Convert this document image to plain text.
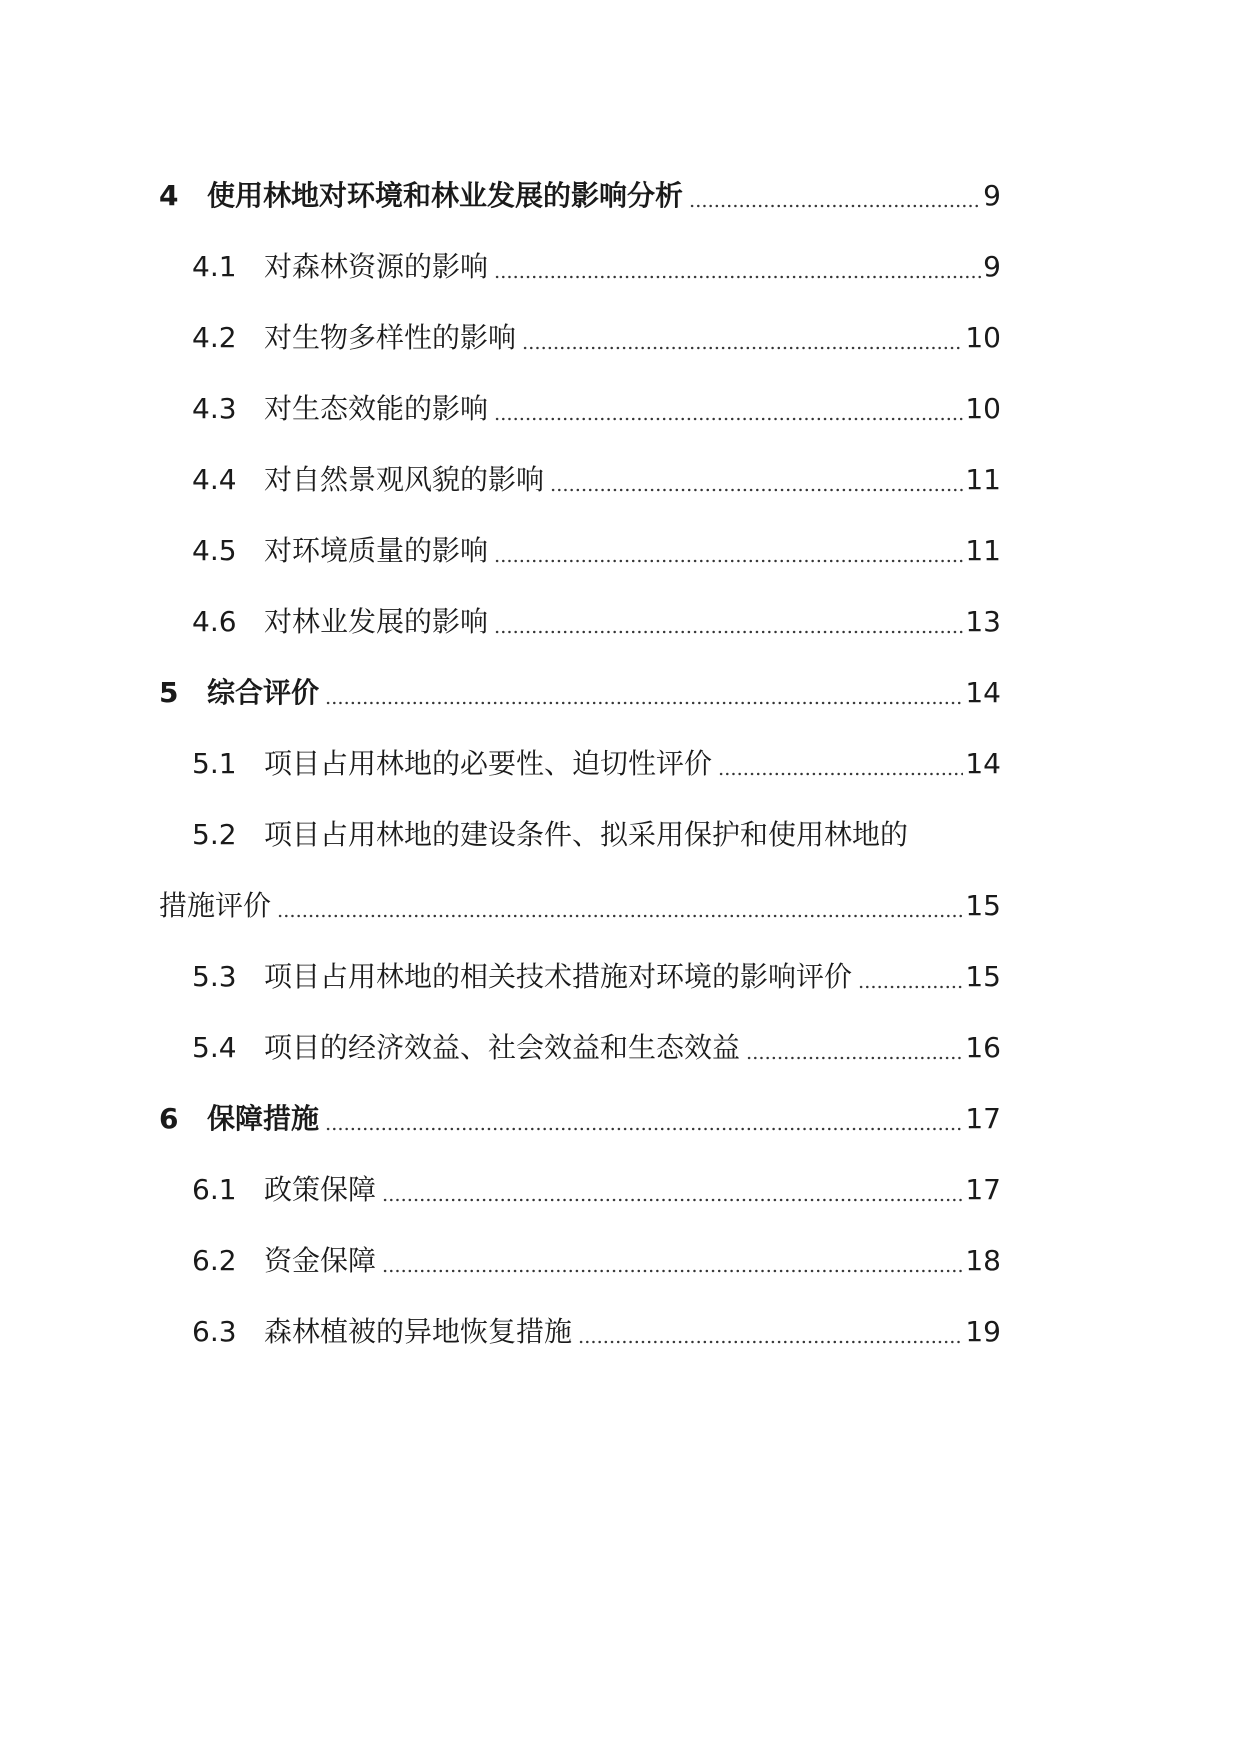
4	使用林地对环境和林业发展的影响分析	9
4.1 对森林资源的影响	9
4.2 对生物多样性的影响	10
4.3 对生态效能的影响	10
4.4 对自然景观风貌的影响	11
4.5 对环境质量的影响	11
4.6 对林业发展的影响	13
5	综合评价	14
5.1 项目占用林地的必要性、迫切性评价	14
5.2 项目占用林地的建设条件、拟采用保护和使用林地的
措施评价	15
5.3 项目占用林地的相关技术措施对环境的影响评价	15
5.4 项目的经济效益、社会效益和生态效益	16
6	保障措施	17
6.1 政策保障	17
6.2 资金保障	18
6.3 森林植被的异地恢复措施	19
